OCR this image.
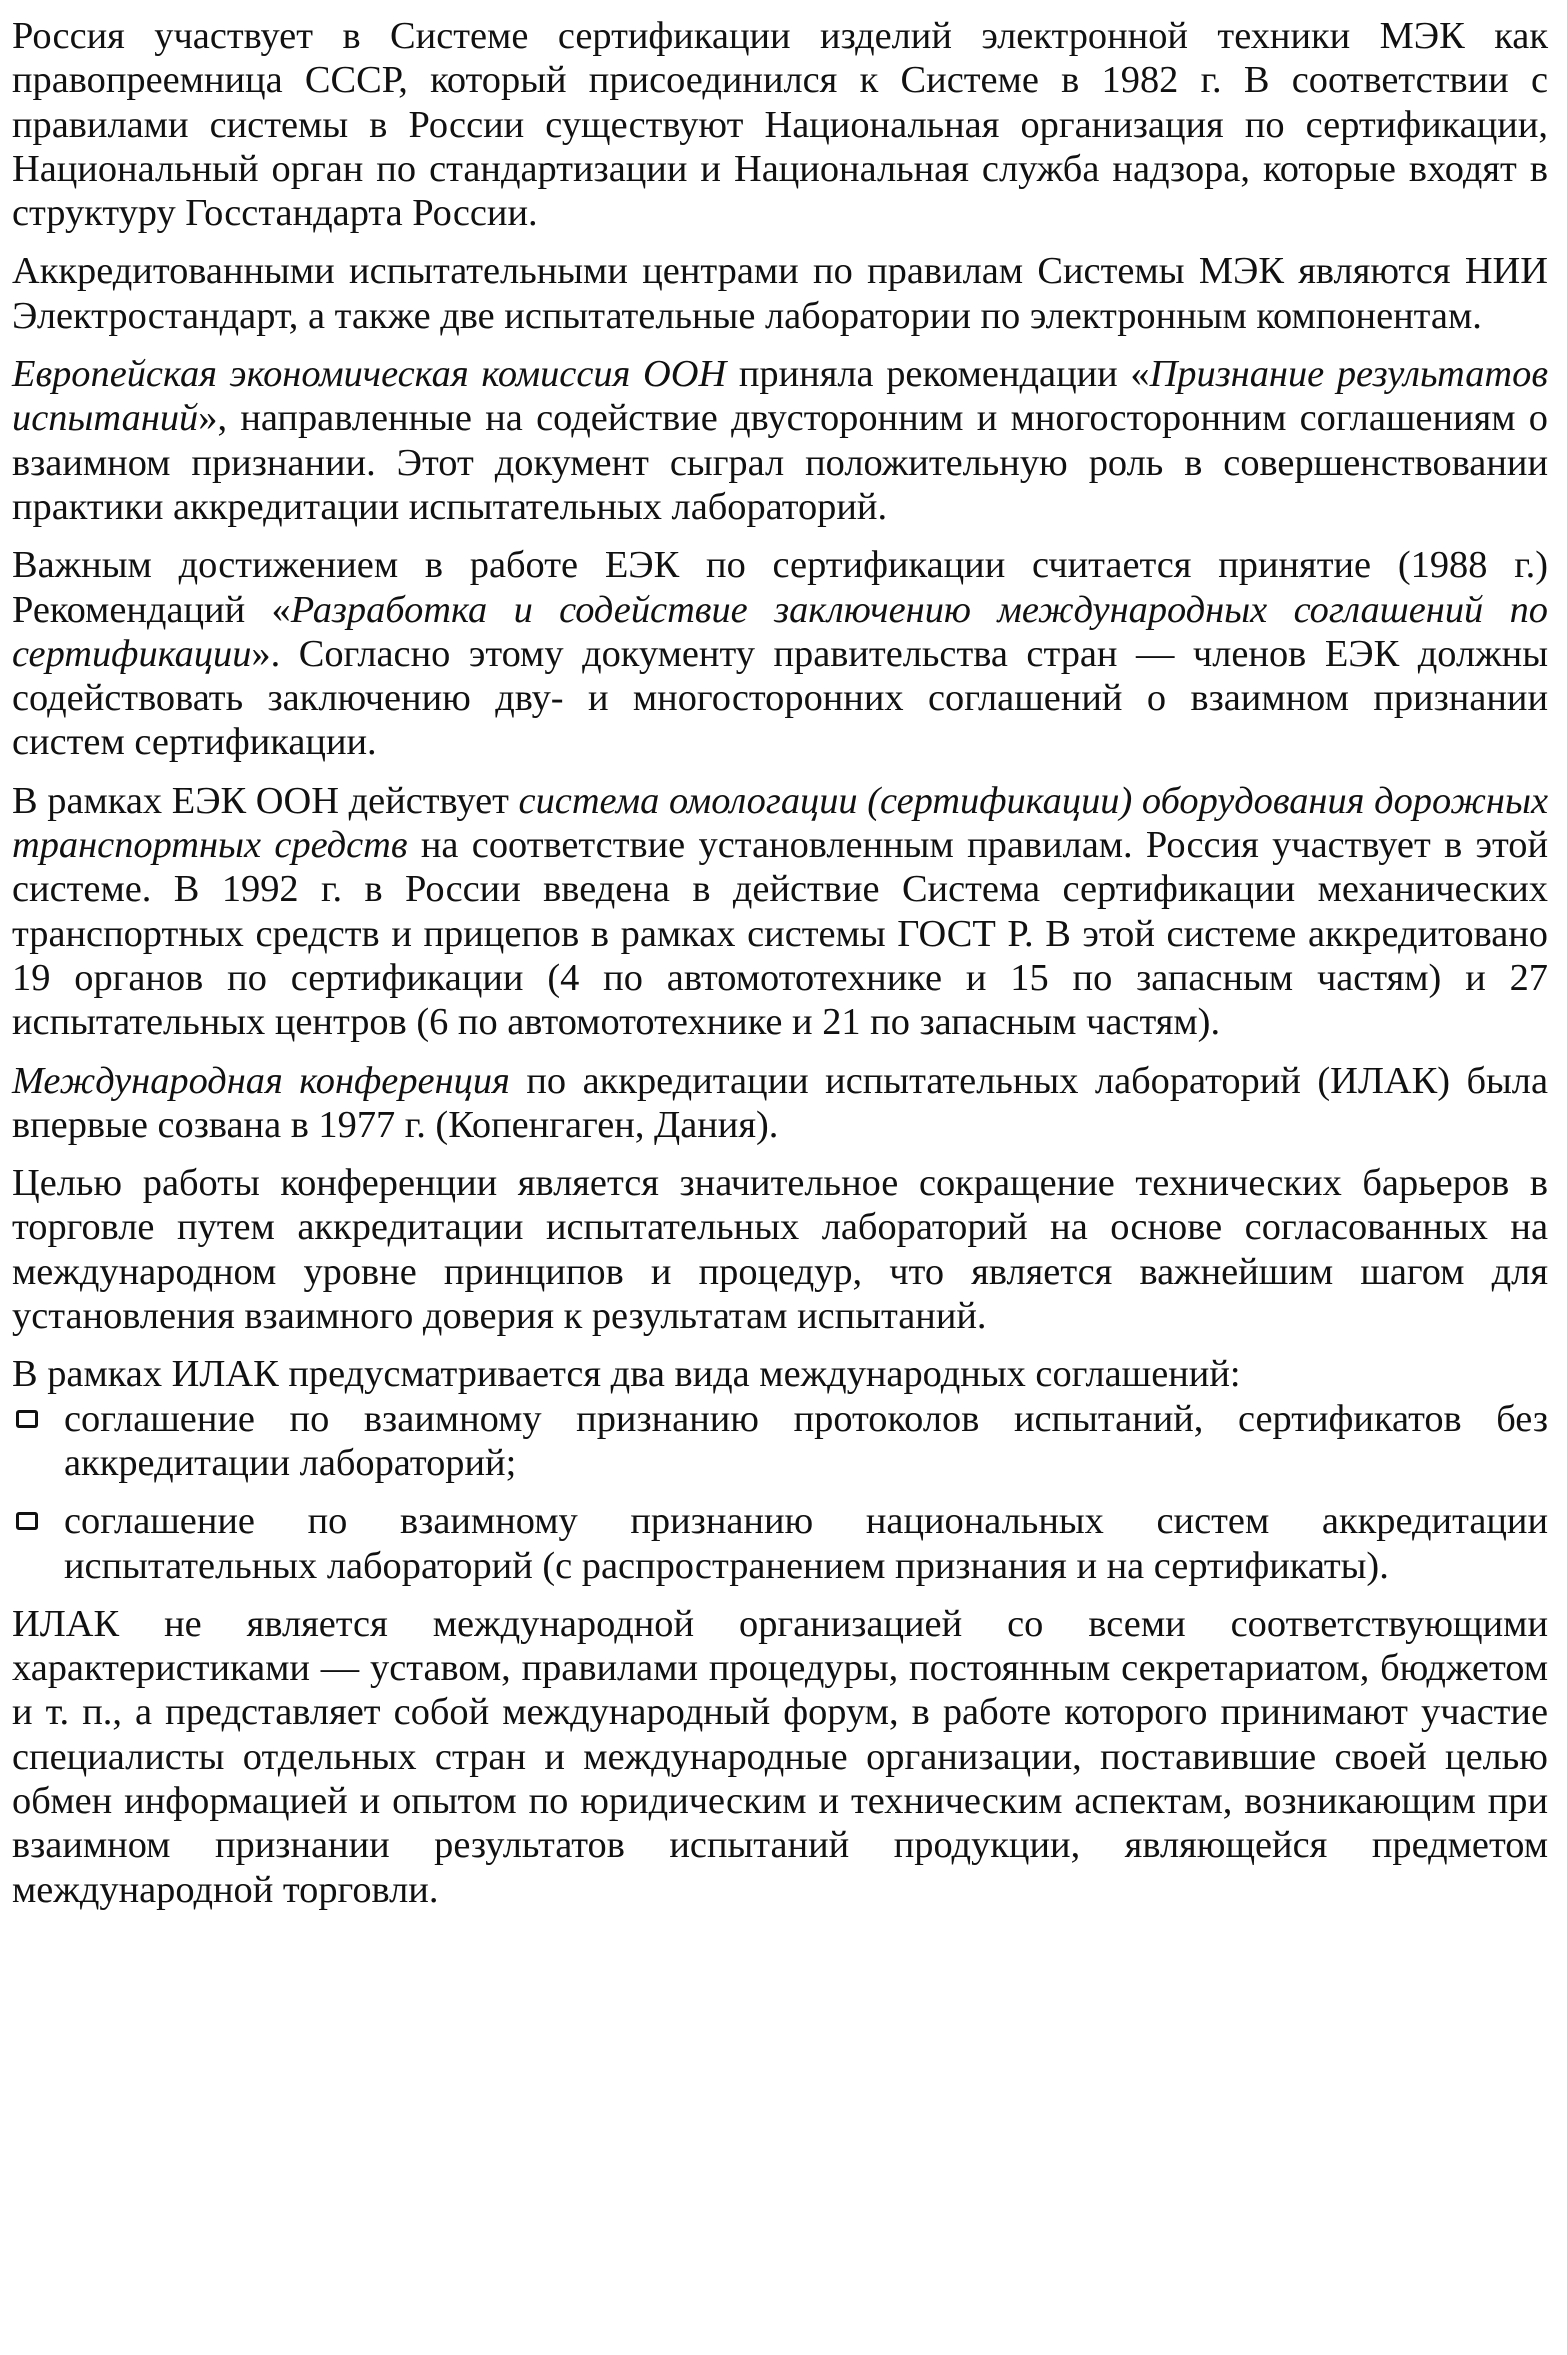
Россия участвует в Системе сертификации изделий электронной техники МЭК как правопреемница СССР, который присоединился к Системе в 1982 г. В соответствии с правилами системы в России существуют Национальная организация по сертификации, Национальный орган по стандартизации и Национальная служба надзора, которые входят в структуру Госстандарта России.

Аккредитованными испытательными центрами по правилам Системы МЭК являются НИИ Электростандарт, а также две испытательные лаборатории по электронным компонентам.

Европейская экономическая комиссия ООН приняла рекомендации «Признание результатов испытаний», направленные на содействие двусторонним и многосторонним соглашениям о взаимном признании. Этот документ сыграл положительную роль в совершенствовании практики аккредитации испытательных лабораторий.

Важным достижением в работе ЕЭК по сертификации считается принятие (1988 г.) Рекомендаций «Разработка и содействие заключению международных соглашений по сертификации». Согласно этому документу правительства стран — членов ЕЭК должны содействовать заключению дву- и многосторонних соглашений о взаимном признании систем сертификации.

В рамках ЕЭК ООН действует система омологации (сертификации) оборудования дорожных транспортных средств на соответствие установленным правилам. Россия участвует в этой системе. В 1992 г. в России введена в действие Система сертификации механических транспортных средств и прицепов в рамках системы ГОСТ Р. В этой системе аккредитовано 19 органов по сертификации (4 по автомототехнике и 15 по запасным частям) и 27 испытательных центров (6 по автомототехнике и 21 по запасным частям).

Международная конференция по аккредитации испытательных лабораторий (ИЛАК) была впервые созвана в 1977 г. (Копенгаген, Дания).

Целью работы конференции является значительное сокращение технических барьеров в торговле путем аккредитации испытательных лабораторий на основе согласованных на международном уровне принципов и процедур, что является важнейшим шагом для установления взаимного доверия к результатам испытаний.

В рамках ИЛАК предусматривается два вида международных соглашений:

соглашение по взаимному признанию протоколов испытаний, сертификатов без аккредитации лабораторий;
соглашение по взаимному признанию национальных систем аккредитации испытательных лабораторий (с распространением признания и на сертификаты).

ИЛАК не является международной организацией со всеми соответствующими характеристиками — уставом, правилами процедуры, постоянным секретариатом, бюджетом и т. п., а представляет собой международный форум, в работе которого принимают участие специалисты отдельных стран и международные организации, поставившие своей целью обмен информацией и опытом по юридическим и техническим аспектам, возникающим при взаимном признании результатов испытаний продукции, являющейся предметом международной торговли.
